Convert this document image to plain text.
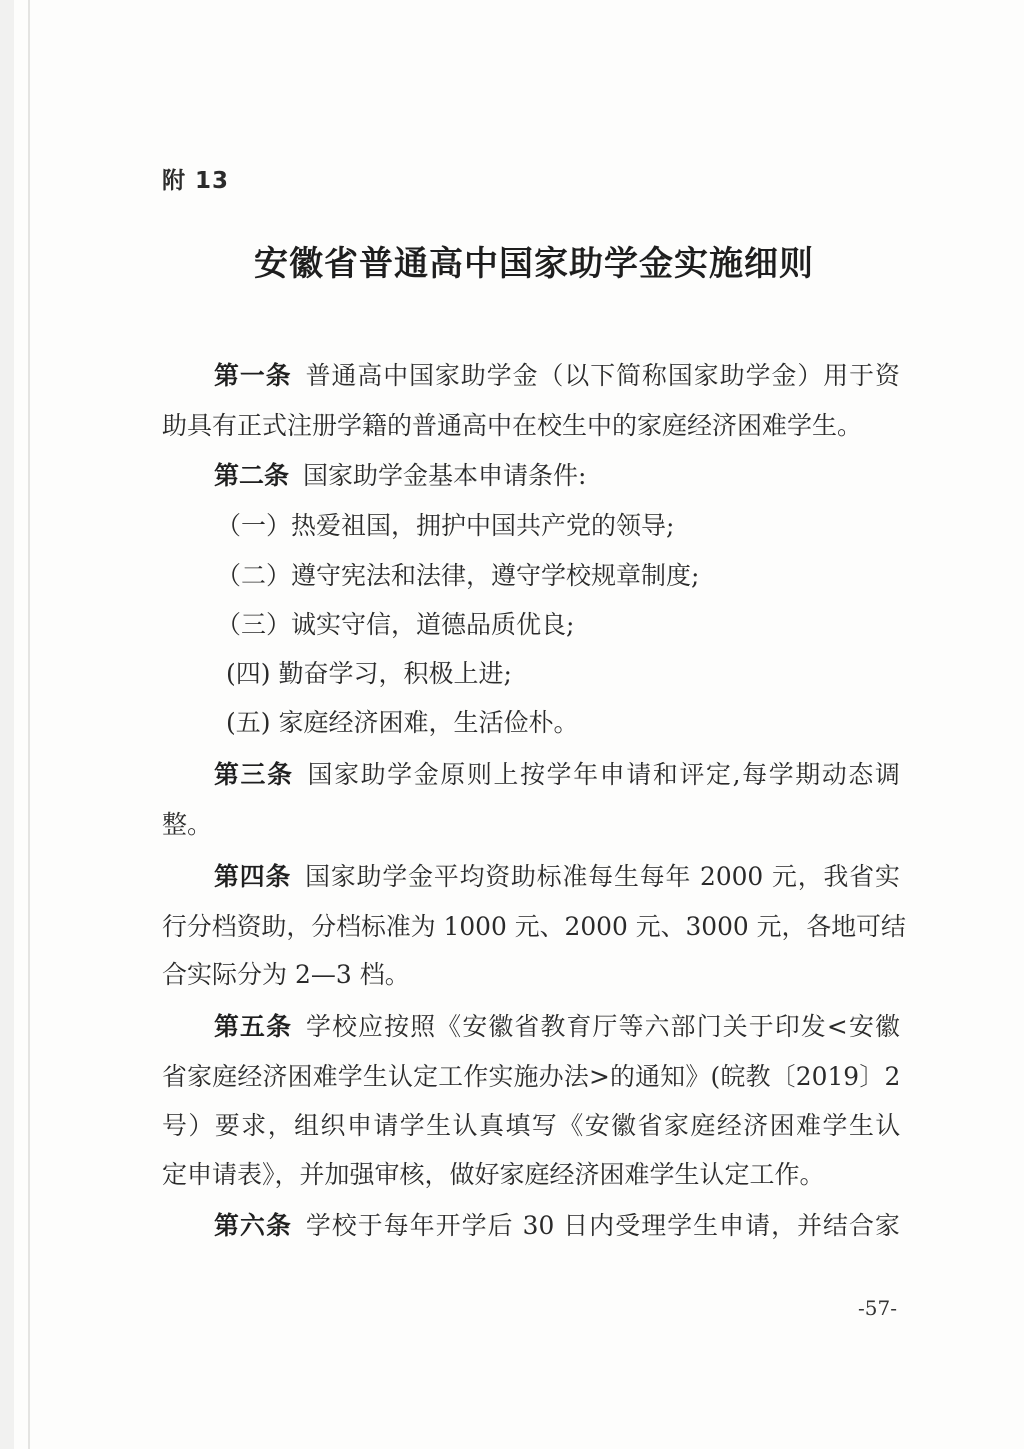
附 13
安徽省普通高中国家助学金实施细则
第一条 普通高中国家助学金（以下简称国家助学金）用于资
助具有正式注册学籍的普通高中在校生中的家庭经济困难学生。
第二条 国家助学金基本申请条件:
（一）热爱祖国，拥护中国共产党的领导;
（二）遵守宪法和法律，遵守学校规章制度;
（三）诚实守信，道德品质优良;
(四) 勤奋学习，积极上进;
(五) 家庭经济困难，生活俭朴。
第三条 国家助学金原则上按学年申请和评定,每学期动态调
整。
第四条 国家助学金平均资助标准每生每年 2000 元，我省实
行分档资助，分档标准为 1000 元、2000 元、3000 元，各地可结
合实际分为 2—3 档。
第五条 学校应按照《安徽省教育厅等六部门关于印发<安徽
省家庭经济困难学生认定工作实施办法>的通知》(皖教〔2019〕2
号）要求，组织申请学生认真填写《安徽省家庭经济困难学生认
定申请表》，并加强审核，做好家庭经济困难学生认定工作。
第六条 学校于每年开学后 30 日内受理学生申请，并结合家
-57-
